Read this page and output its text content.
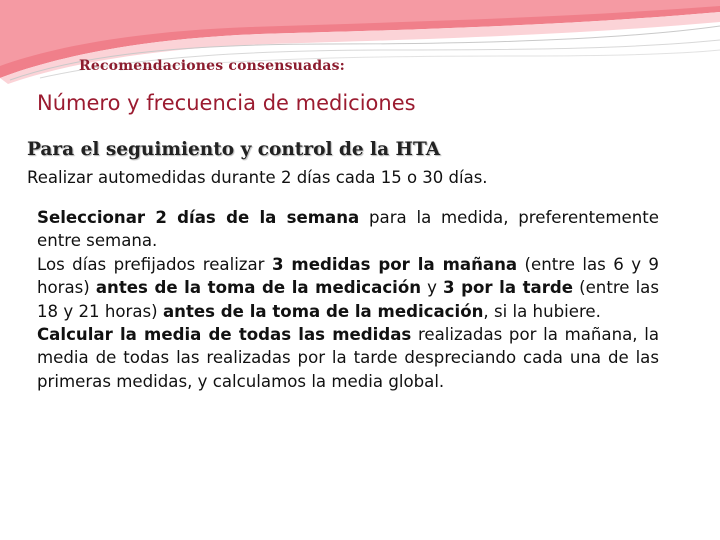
Recomendaciones consensuadas:
Número y frecuencia de mediciones
Para el seguimiento y control de la HTA
Realizar automedidas durante 2 días cada 15 o 30 días.

Seleccionar 2 días de la semana para la medida, preferentemente entre semana.

Los días prefijados realizar 3 medidas por la mañana (entre las 6 y 9 horas) antes de la toma de la medicación y 3 por la tarde (entre las 18 y 21 horas) antes de la toma de la medicación, si la hubiere.

Calcular la media de todas las medidas realizadas por la mañana, la media de todas las realizadas por la tarde despreciando cada una de las primeras medidas, y calculamos la media global.
